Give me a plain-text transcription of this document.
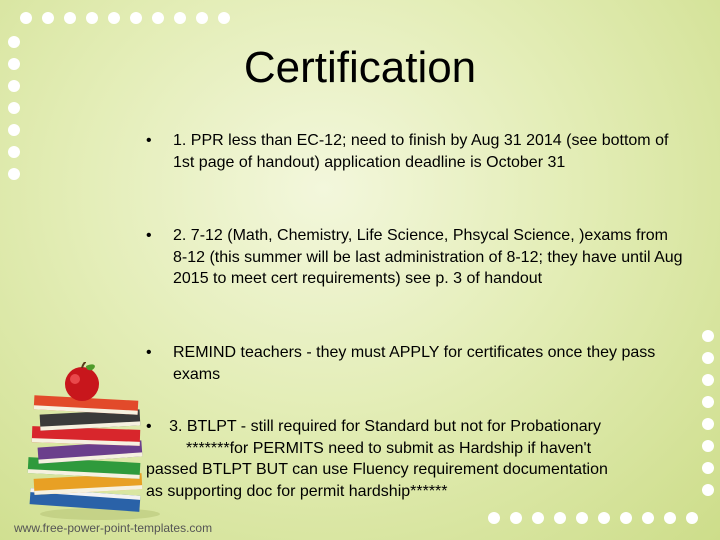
Certification
• 1. PPR less than EC-12; need to finish by Aug 31 2014 (see bottom of 1st page of handout) application deadline is October 31
• 2. 7-12 (Math, Chemistry, Life Science, Phsycal Science, )exams from 8-12 (this summer will be last administration of 8-12; they have until Aug 2015 to meet cert requirements) see p. 3 of handout
• REMIND teachers - they must APPLY for certificates once they pass exams
• 3. BTLPT - still required for Standard but not for Probationary
*******for PERMITS need to submit as Hardship if haven't
passed BTLPT BUT can use Fluency requirement documentation
as supporting doc for permit hardship******
www.free-power-point-templates.com
